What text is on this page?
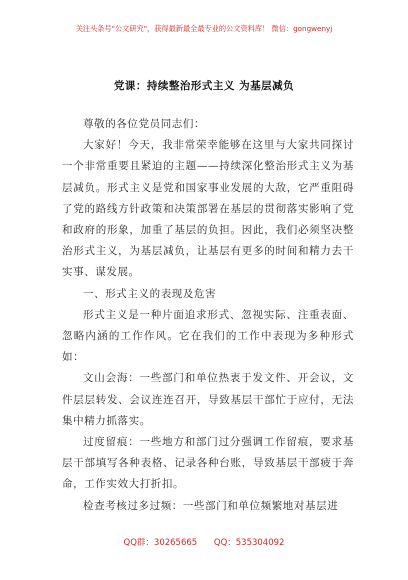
关注头条号"公文研究"，获得最新最全最专业的公文资料库！ 微信：gongwenyj
党课：持续整治形式主义 为基层减负

尊敬的各位党员同志们：

大家好！今天，我非常荣幸能够在这里与大家共同探讨一个非常重要且紧迫的主题——持续深化整治形式主义为基层减负。形式主义是党和国家事业发展的大敌，它严重阻碍了党的路线方针政策和决策部署在基层的贯彻落实影响了党和政府的形象，加重了基层的负担。因此，我们必须坚决整治形式主义，为基层减负，让基层有更多的时间和精力去干实事、谋发展。

一、形式主义的表现及危害

形式主义是一种片面追求形式、忽视实际、注重表面、忽略内涵的工作作风。它在我们的工作中表现为多种形式如：

文山会海：一些部门和单位热衷于发文件、开会议，文件层层转发、会议连连召开，导致基层干部忙于应付，无法集中精力抓落实。

过度留痕：一些地方和部门过分强调工作留痕，要求基层干部填写各种表格、记录各种台账，导致基层干部疲于奔命，工作实效大打折扣。

检查考核过多过频：一些部门和单位频繁地对基层进

QQ群：30265665 QQ：535304092
